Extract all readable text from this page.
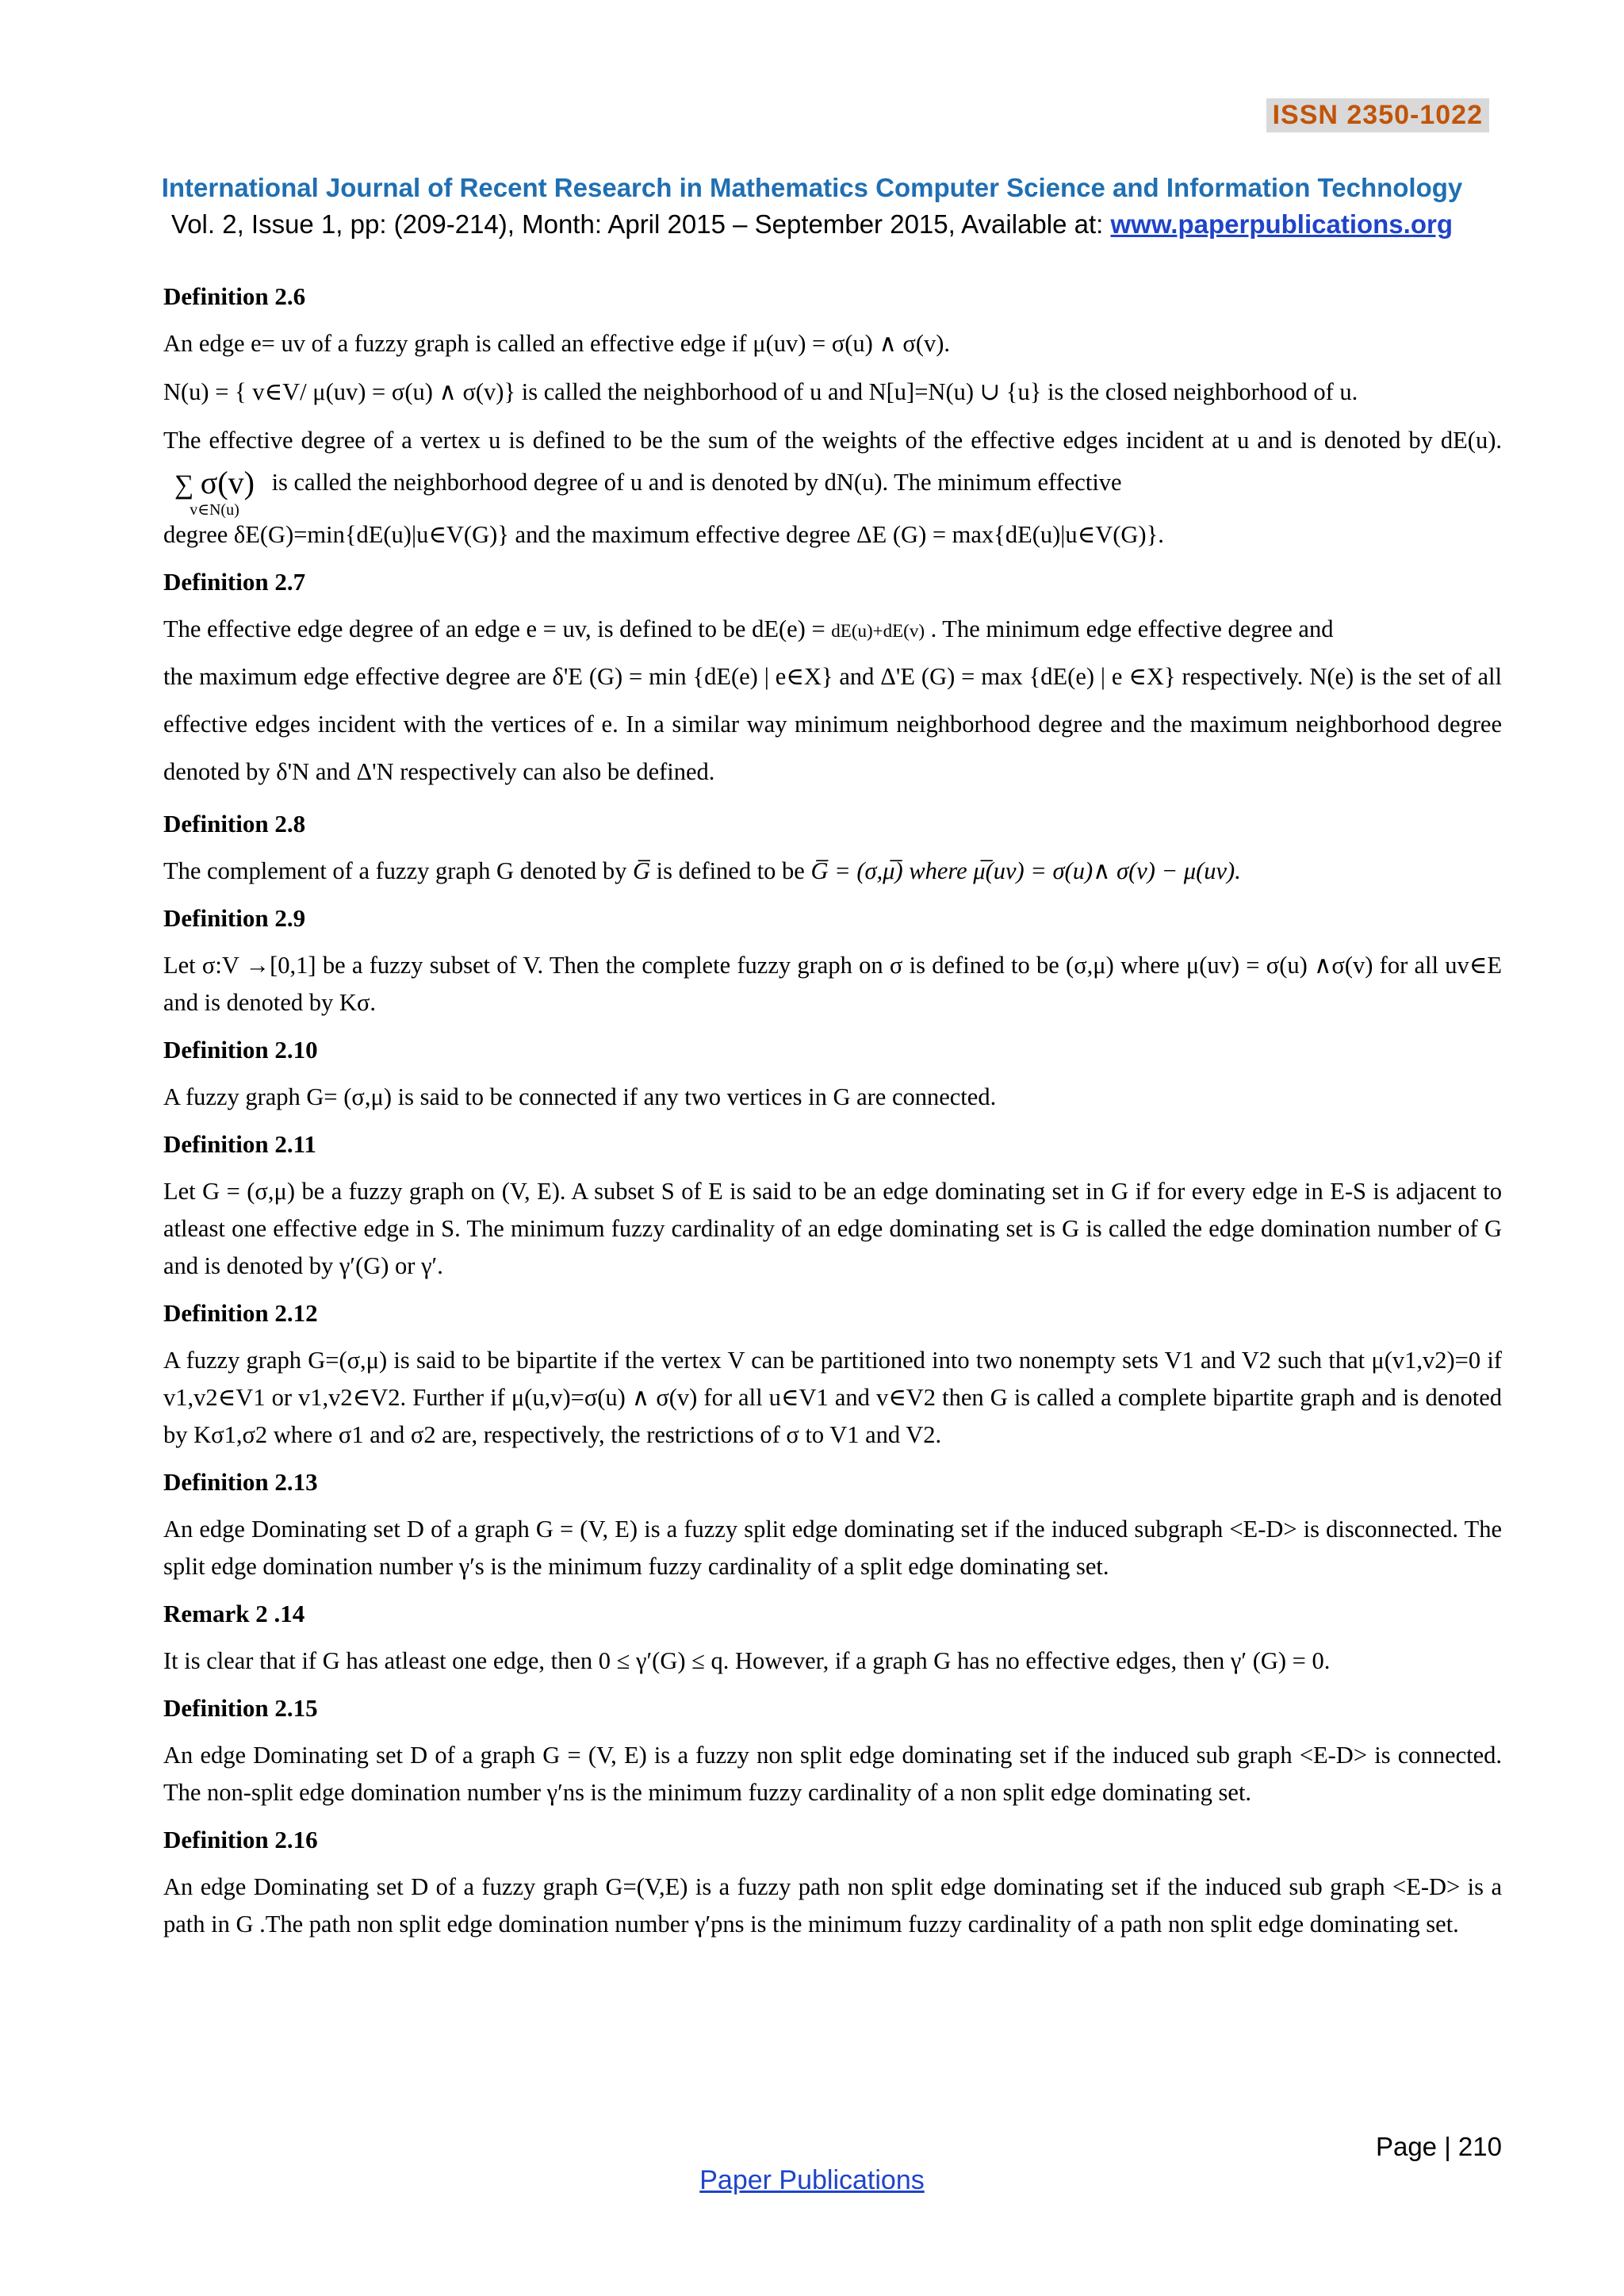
ISSN 2350-1022
International Journal of Recent Research in Mathematics Computer Science and Information Technology
Vol. 2, Issue 1, pp: (209-214), Month: April 2015 – September 2015, Available at: www.paperpublications.org
Definition 2.6

An edge e= uv of a fuzzy graph is called an effective edge if μ(uv) = σ(u) ∧ σ(v).

N(u) = { v∈V/ μ(uv) = σ(u) ∧ σ(v)} is called the neighborhood of u and N[u]=N(u) ∪ {u} is the closed neighborhood of u.

The effective degree of a vertex u is defined to be the sum of the weights of the effective edges incident at u and is denoted by dE(u).
∑ σ(v)
v∈N(u)
is called the neighborhood degree of u and is denoted by dN(u). The minimum effective

degree δE(G)=min{dE(u)|u∈V(G)} and the maximum effective degree ΔE (G) = max{dE(u)|u∈V(G)}.

Definition 2.7

The effective edge degree of an edge e = uv, is defined to be dE(e) = dE(u)+dE(v) . The minimum edge effective degree and

the maximum edge effective degree are δ'E (G) = min {dE(e) | e∈X} and Δ'E (G) = max {dE(e) | e ∈X} respectively. N(e) is the set of all effective edges incident with the vertices of e. In a similar way minimum neighborhood degree and the maximum neighborhood degree denoted by δ'N and Δ'N respectively can also be defined.

Definition 2.8

The complement of a fuzzy graph G denoted by G̅ is defined to be G̅ = (σ,μ̅) where μ̅(uv) = σ(u)∧ σ(v) − μ(uv).

Definition 2.9

Let σ:V →[0,1] be a fuzzy subset of V. Then the complete fuzzy graph on σ is defined to be (σ,μ) where μ(uv) = σ(u) ∧σ(v) for all uv∈E and is denoted by Kσ.

Definition 2.10

A fuzzy graph G= (σ,μ) is said to be connected if any two vertices in G are connected.

Definition 2.11

Let G = (σ,μ) be a fuzzy graph on (V, E). A subset S of E is said to be an edge dominating set in G if for every edge in E-S is adjacent to atleast one effective edge in S. The minimum fuzzy cardinality of an edge dominating set is G is called the edge domination number of G and is denoted by γ′(G) or γ′.

Definition 2.12

A fuzzy graph G=(σ,μ) is said to be bipartite if the vertex V can be partitioned into two nonempty sets V1 and V2 such that μ(v1,v2)=0 if v1,v2∈V1 or v1,v2∈V2. Further if μ(u,v)=σ(u) ∧ σ(v) for all u∈V1 and v∈V2 then G is called a complete bipartite graph and is denoted by Kσ1,σ2 where σ1 and σ2 are, respectively, the restrictions of σ to V1 and V2.

Definition 2.13

An edge Dominating set D of a graph G = (V, E) is a fuzzy split edge dominating set if the induced subgraph <E-D> is disconnected. The split edge domination number γ′s is the minimum fuzzy cardinality of a split edge dominating set.

Remark 2 .14

It is clear that if G has atleast one edge, then 0 ≤ γ′(G) ≤ q. However, if a graph G has no effective edges, then γ′ (G) = 0.

Definition 2.15

An edge Dominating set D of a graph G = (V, E) is a fuzzy non split edge dominating set if the induced sub graph <E-D> is connected. The non-split edge domination number γ′ns is the minimum fuzzy cardinality of a non split edge dominating set.

Definition 2.16

An edge Dominating set D of a fuzzy graph G=(V,E) is a fuzzy path non split edge dominating set if the induced sub graph <E-D> is a path in G .The path non split edge domination number γ′pns is the minimum fuzzy cardinality of a path non split edge dominating set.

Page | 210
Paper Publications
